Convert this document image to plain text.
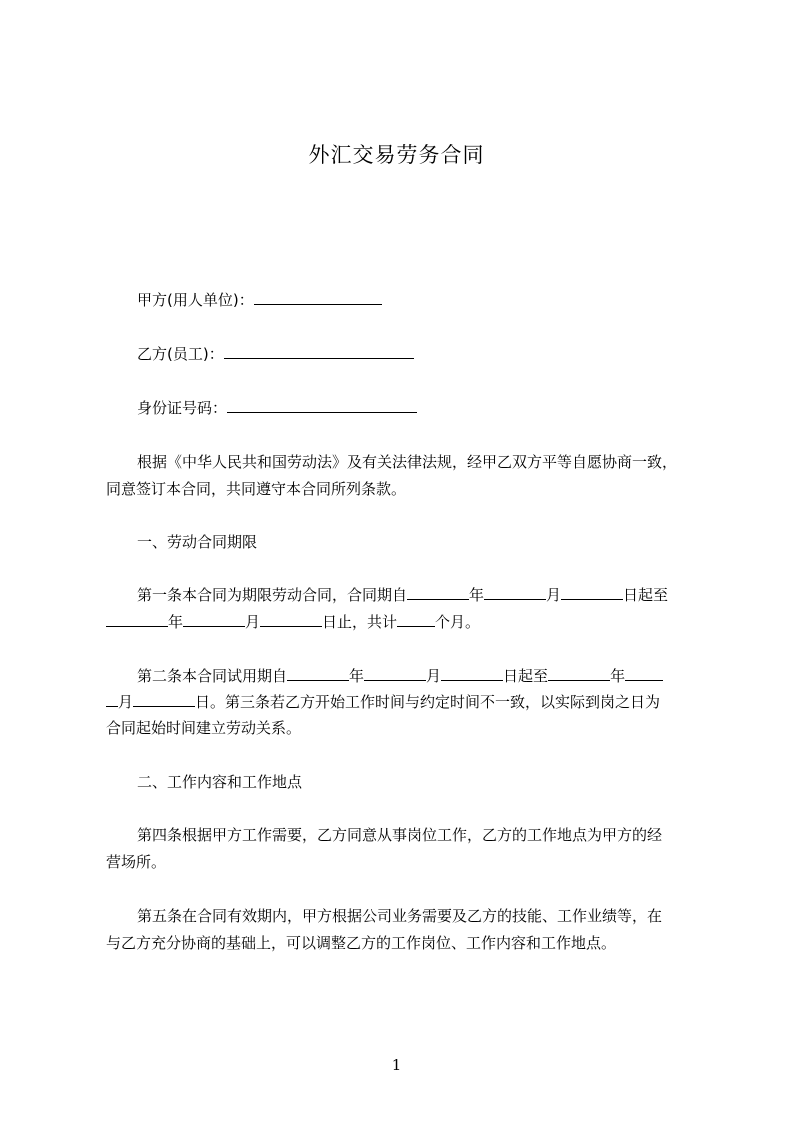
外汇交易劳务合同
甲方(用人单位)：
乙方(员工)：
身份证号码：
根据《中华人民共和国劳动法》及有关法律法规，经甲乙双方平等自愿协商一致，
同意签订本合同，共同遵守本合同所列条款。
一、劳动合同期限
第一条本合同为期限劳动合同，合同期自	年	月	日起至
年	月	日止，共计	个月。
第二条本合同试用期自	年	月	日起至	年
月	日。第三条若乙方开始工作时间与约定时间不一致，以实际到岗之日为
合同起始时间建立劳动关系。
二、工作内容和工作地点
第四条根据甲方工作需要，乙方同意从事岗位工作，乙方的工作地点为甲方的经
营场所。
第五条在合同有效期内，甲方根据公司业务需要及乙方的技能、工作业绩等，在
与乙方充分协商的基础上，可以调整乙方的工作岗位、工作内容和工作地点。
1
